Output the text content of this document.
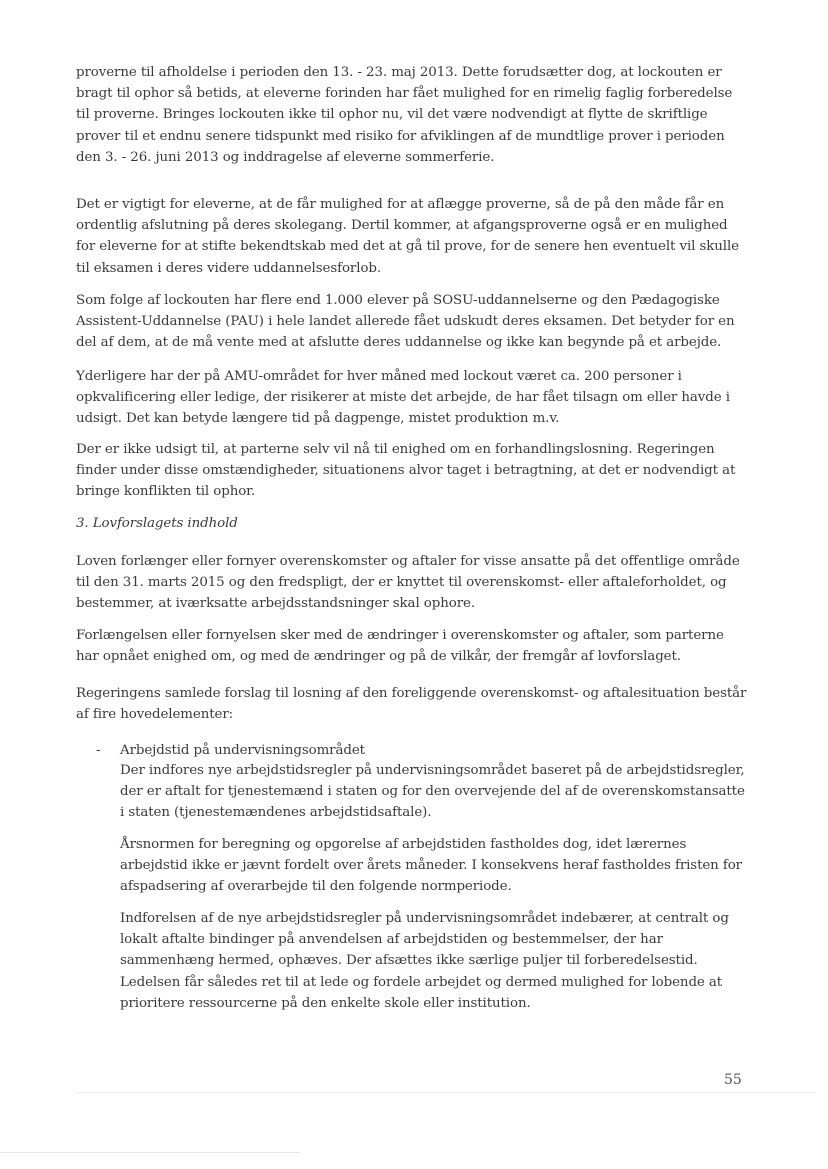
proverne til afholdelse i perioden den 13. - 23. maj 2013. Dette forudsætter dog, at lockouten er bragt til ophor så betids, at eleverne forinden har fået mulighed for en rimelig faglig forberedelse til proverne. Bringes lockouten ikke til ophor nu, vil det være nodvendigt at flytte de skriftlige prover til et endnu senere tidspunkt med risiko for afviklingen af de mundtlige prover i perioden den 3. - 26. juni 2013 og inddragelse af eleverne sommerferie.

Det er vigtigt for eleverne, at de får mulighed for at aflægge proverne, så de på den måde får en ordentlig afslutning på deres skolegang. Dertil kommer, at afgangsproverne også er en mulighed for eleverne for at stifte bekendtskab med det at gå til prove, for de senere hen eventuelt vil skulle til eksamen i deres videre uddannelsesforlob.

Som folge af lockouten har flere end 1.000 elever på SOSU-uddannelserne og den Pædagogiske Assistent-Uddannelse (PAU) i hele landet allerede fået udskudt deres eksamen. Det betyder for en del af dem, at de må vente med at afslutte deres uddannelse og ikke kan begynde på et arbejde.

Yderligere har der på AMU-området for hver måned med lockout været ca. 200 personer i opkvalificering eller ledige, der risikerer at miste det arbejde, de har fået tilsagn om eller havde i udsigt. Det kan betyde længere tid på dagpenge, mistet produktion m.v.

Der er ikke udsigt til, at parterne selv vil nå til enighed om en forhandlingslosning. Regeringen finder under disse omstændigheder, situationens alvor taget i betragtning, at det er nodvendigt at bringe konflikten til ophor.

3. Lovforslagets indhold

Loven forlænger eller fornyer overenskomster og aftaler for visse ansatte på det offentlige område til den 31. marts 2015 og den fredspligt, der er knyttet til overenskomst- eller aftaleforholdet, og bestemmer, at iværksatte arbejdsstandsninger skal ophore.

Forlængelsen eller fornyelsen sker med de ændringer i overenskomster og aftaler, som parterne har opnået enighed om, og med de ændringer og på de vilkår, der fremgår af lovforslaget.

Regeringens samlede forslag til losning af den foreliggende overenskomst- og aftalesituation består af fire hovedelementer:

- Arbejdstid på undervisningsområdet

Der indfores nye arbejdstidsregler på undervisningsområdet baseret på de arbejdstidsregler, der er aftalt for tjenestemænd i staten og for den overvejende del af de overenskomstansatte i staten (tjenestemændenes arbejdstidsaftale).

Årsnormen for beregning og opgorelse af arbejdstiden fastholdes dog, idet lærernes arbejdstid ikke er jævnt fordelt over årets måneder. I konsekvens heraf fastholdes fristen for afspadsering af overarbejde til den folgende normperiode.

Indforelsen af de nye arbejdstidsregler på undervisningsområdet indebærer, at centralt og lokalt aftalte bindinger på anvendelsen af arbejdstiden og bestemmelser, der har sammenhæng hermed, ophæves. Der afsættes ikke særlige puljer til forberedelsestid. Ledelsen får således ret til at lede og fordele arbejdet og dermed mulighed for lobende at prioritere ressourcerne på den enkelte skole eller institution.

55
